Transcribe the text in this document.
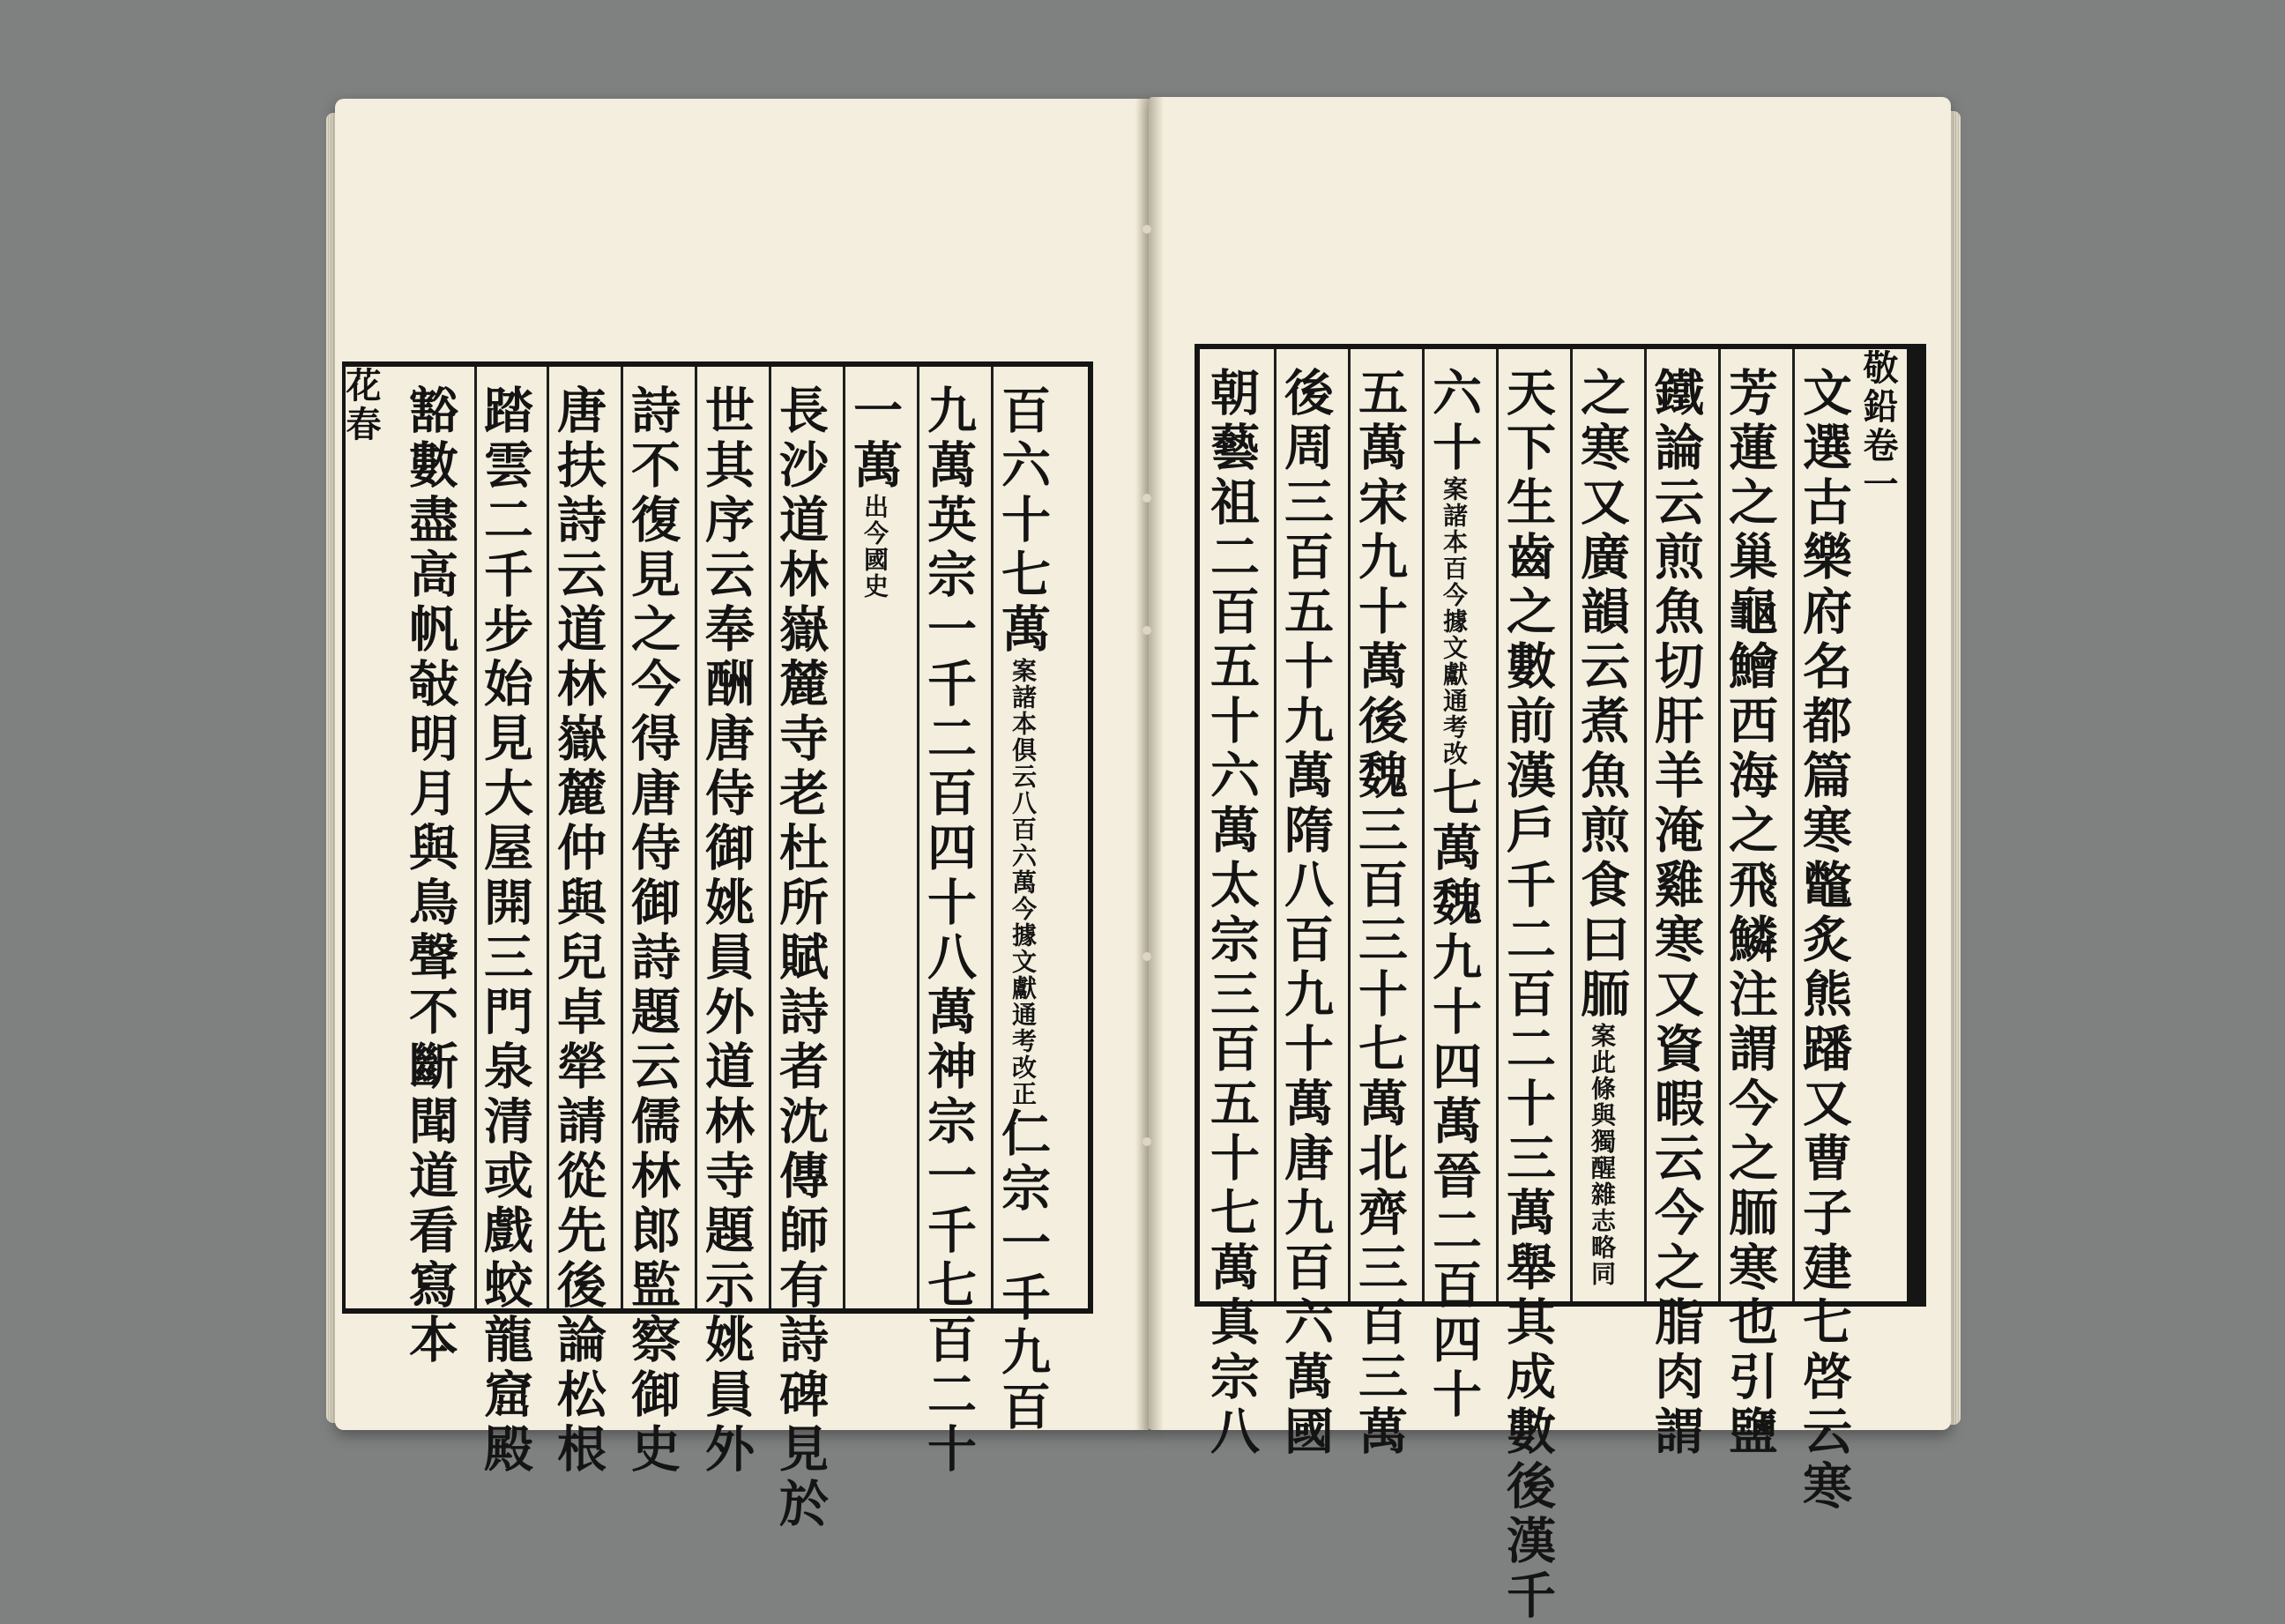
花春 豁數盡高帆敧明月與鳥聲不斷聞道看寫本 踏雲二千步始見大屋開三門泉清或戲蛟龍窟殿 唐扶詩云道林嶽麓仲與兒卓犖請從先後論松根 詩不復見之今得唐侍御詩題云儒林郎監察御史 世其序云奉酬唐侍御姚員外道林寺題示姚員外 長沙道林嶽麓寺老杜所賦詩者沈傳師有詩碑見於 一萬出今國史 九萬英宗一千二百四十八萬神宗一千七百二十 百六十七萬案諸本俱云八百六萬今據文獻通考改正仁宗一千九百	朝藝祖二百五十六萬太宗三百五十七萬真宗八 後周三百五十九萬隋八百九十萬唐九百六萬國 五萬宋九十萬後魏三百三十七萬北齊三百三萬 六十案諸本百今據文獻通考改七萬魏九十四萬晉二百四十 天下生齒之數前漢戶千二百二十三萬舉其成數後漢千 之寒又廣韻云煮魚煎食曰胹案此條與獨醒雜志略同 鐵論云煎魚切肝羊淹雞寒又資暇云今之脂肉謂 芳蓮之巢龜鱠西海之飛鱗注謂今之胹寒也引鹽 文選古樂府名都篇寒鼈炙熊蹯又曹子建七啓云寒 敬鉛卷一
